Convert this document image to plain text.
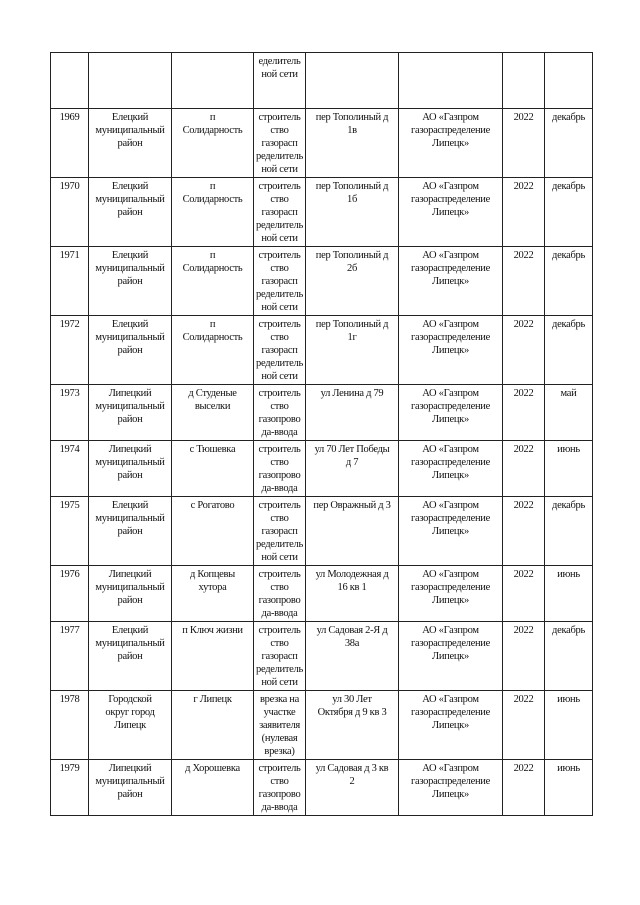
			еделитель
ной сети				
1969	Елецкий
муниципальный
район	п
Солидарность	строитель
ство
газорасп
ределитель
ной сети	пер Тополиный д
1в	АО «Газпром
газораспределение
Липецк»	2022	декабрь
1970	Елецкий
муниципальный
район	п
Солидарность	строитель
ство
газорасп
ределитель
ной сети	пер Тополиный д
1б	АО «Газпром
газораспределение
Липецк»	2022	декабрь
1971	Елецкий
муниципальный
район	п
Солидарность	строитель
ство
газорасп
ределитель
ной сети	пер Тополиный д
2б	АО «Газпром
газораспределение
Липецк»	2022	декабрь
1972	Елецкий
муниципальный
район	п
Солидарность	строитель
ство
газорасп
ределитель
ной сети	пер Тополиный д
1г	АО «Газпром
газораспределение
Липецк»	2022	декабрь
1973	Липецкий
муниципальный
район	д Студеные
выселки	строитель
ство
газопрово
да-ввода	ул Ленина д 79	АО «Газпром
газораспределение
Липецк»	2022	май
1974	Липецкий
муниципальный
район	с Тюшевка	строитель
ство
газопрово
да-ввода	ул 70 Лет Победы
д 7	АО «Газпром
газораспределение
Липецк»	2022	июнь
1975	Елецкий
муниципальный
район	с Рогатово	строитель
ство
газорасп
ределитель
ной сети	пер Овражный д 3	АО «Газпром
газораспределение
Липецк»	2022	декабрь
1976	Липецкий
муниципальный
район	д Копцевы
хутора	строитель
ство
газопрово
да-ввода	ул Молодежная д
16 кв 1	АО «Газпром
газораспределение
Липецк»	2022	июнь
1977	Елецкий
муниципальный
район	п Ключ жизни	строитель
ство
газорасп
ределитель
ной сети	ул Садовая 2-Я д
38а	АО «Газпром
газораспределение
Липецк»	2022	декабрь
1978	Городской
округ город
Липецк	г Липецк	врезка на
участке
заявителя
(нулевая
врезка)	ул 30 Лет
Октября д 9 кв 3	АО «Газпром
газораспределение
Липецк»	2022	июнь
1979	Липецкий
муниципальный
район	д Хорошевка	строитель
ство
газопрово
да-ввода	ул Садовая д 3 кв
2	АО «Газпром
газораспределение
Липецк»	2022	июнь
